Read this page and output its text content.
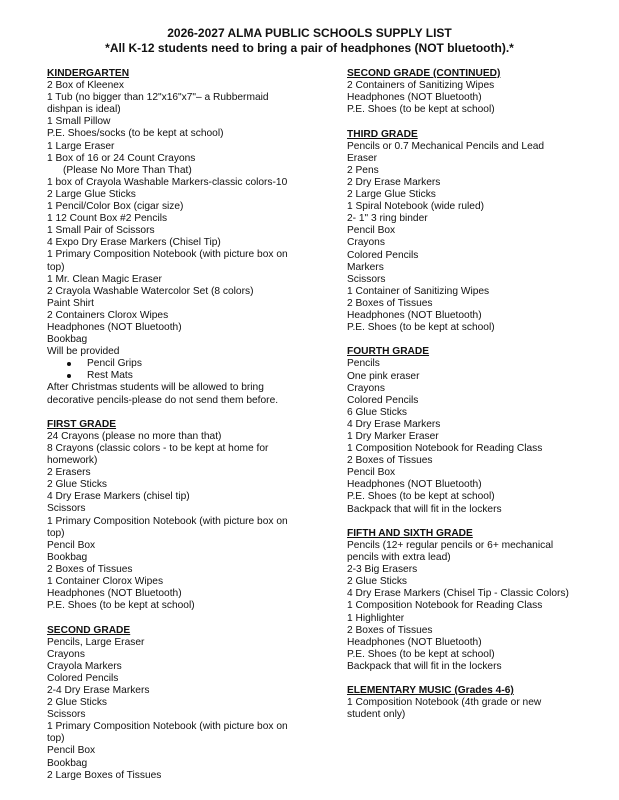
2026-2027 ALMA PUBLIC SCHOOLS SUPPLY LIST
*All K-12 students need to bring a pair of headphones (NOT bluetooth).*
KINDERGARTEN
2 Box of Kleenex
1 Tub (no bigger than 12"x16"x7"– a Rubbermaid
dishpan is ideal)
1 Small Pillow
P.E. Shoes/socks (to be kept at school)
1 Large Eraser
1 Box of 16 or 24 Count Crayons
(Please No More Than That)
1 box of Crayola Washable Markers-classic colors-10
2 Large Glue Sticks
1 Pencil/Color Box (cigar size)
1 12 Count Box #2 Pencils
1 Small Pair of Scissors
4 Expo Dry Erase Markers (Chisel Tip)
1 Primary Composition Notebook (with picture box on
top)
1 Mr. Clean Magic Eraser
2 Crayola Washable Watercolor Set (8 colors)
Paint Shirt
2 Containers Clorox Wipes
Headphones (NOT Bluetooth)
Bookbag
Will be provided
Pencil Grips
Rest Mats
After Christmas students will be allowed to bring
decorative pencils-please do not send them before.
FIRST GRADE
24 Crayons (please no more than that)
8 Crayons (classic colors - to be kept at home for
homework)
2 Erasers
2 Glue Sticks
4 Dry Erase Markers (chisel tip)
Scissors
1 Primary Composition Notebook (with picture box on
top)
Pencil Box
Bookbag
2 Boxes of Tissues
1 Container Clorox Wipes
Headphones (NOT Bluetooth)
P.E. Shoes (to be kept at school)
SECOND GRADE
Pencils, Large Eraser
Crayons
Crayola Markers
Colored Pencils
2-4 Dry Erase Markers
2 Glue Sticks
Scissors
1 Primary Composition Notebook (with picture box on
top)
Pencil Box
Bookbag
2 Large Boxes of Tissues
SECOND GRADE (CONTINUED)
2 Containers of Sanitizing Wipes
Headphones (NOT Bluetooth)
P.E. Shoes (to be kept at school)
THIRD GRADE
Pencils or 0.7 Mechanical Pencils and Lead
Eraser
2 Pens
2 Dry Erase Markers
2 Large Glue Sticks
1 Spiral Notebook (wide ruled)
2- 1" 3 ring binder
Pencil Box
Crayons
Colored Pencils
Markers
Scissors
1 Container of Sanitizing Wipes
2 Boxes of Tissues
Headphones (NOT Bluetooth)
P.E. Shoes (to be kept at school)
FOURTH GRADE
Pencils
One pink eraser
Crayons
Colored Pencils
6 Glue Sticks
4 Dry Erase Markers
1 Dry Marker Eraser
1 Composition Notebook for Reading Class
2 Boxes of Tissues
Pencil Box
Headphones (NOT Bluetooth)
P.E. Shoes (to be kept at school)
Backpack that will fit in the lockers
FIFTH AND SIXTH GRADE
Pencils (12+ regular pencils or 6+ mechanical
pencils with extra lead)
2-3 Big Erasers
2 Glue Sticks
4 Dry Erase Markers (Chisel Tip - Classic Colors)
1 Composition Notebook for Reading Class
1 Highlighter
2 Boxes of Tissues
Headphones (NOT Bluetooth)
P.E. Shoes (to be kept at school)
Backpack that will fit in the lockers
ELEMENTARY MUSIC (Grades 4-6)
1 Composition Notebook (4th grade or new
student only)
